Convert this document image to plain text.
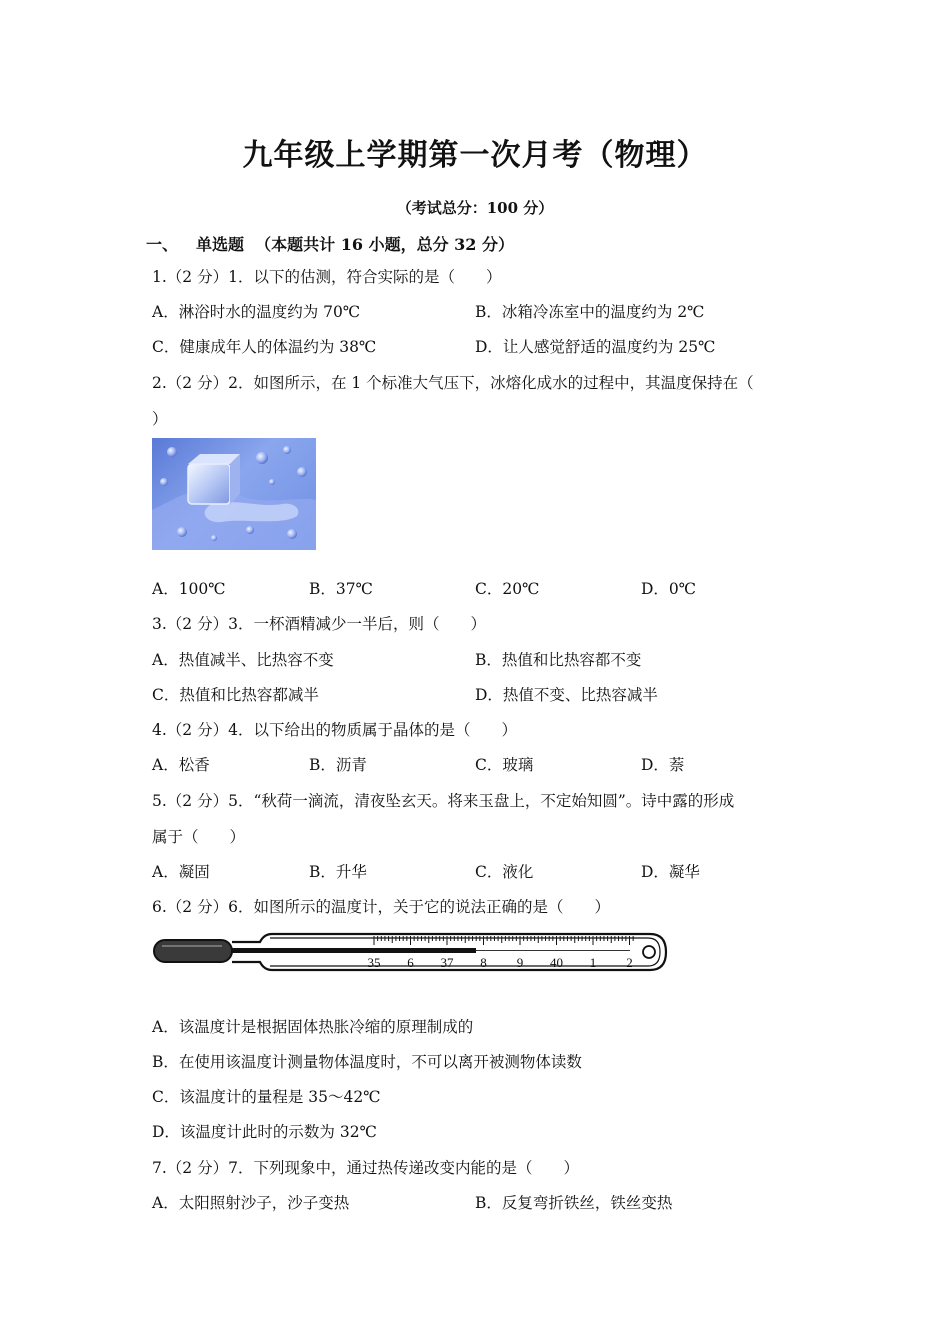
九年级上学期第一次月考（物理）
（考试总分：100 分）
一、 单选题 （本题共计 16 小题，总分 32 分）
1.（2 分）1．以下的估测，符合实际的是（　　）
A．淋浴时水的温度约为 70℃	B．冰箱冷冻室中的温度约为 2℃
C．健康成年人的体温约为 38℃	D．让人感觉舒适的温度约为 25℃
2.（2 分）2．如图所示，在 1 个标准大气压下，冰熔化成水的过程中，其温度保持在（
）
A．100℃	B．37℃	C．20℃	D．0℃
3.（2 分）3．一杯酒精减少一半后，则（　　）
A．热值减半、比热容不变	B．热值和比热容都不变
C．热值和比热容都减半	D．热值不变、比热容减半
4.（2 分）4．以下给出的物质属于晶体的是（　　）
A．松香	B．沥青	C．玻璃	D．萘
5.（2 分）5．“秋荷一滴流，清夜坠玄天。将来玉盘上，不定始知圆”。诗中露的形成
属于（　　）
A．凝固	B．升华	C．液化	D．凝华
6.（2 分）6．如图所示的温度计，关于它的说法正确的是（　　）
35 6 37 8 9 40 1 2
A．该温度计是根据固体热胀冷缩的原理制成的
B．在使用该温度计测量物体温度时，不可以离开被测物体读数
C．该温度计的量程是 35～42℃
D．该温度计此时的示数为 32℃
7.（2 分）7．下列现象中，通过热传递改变内能的是（　　）
A．太阳照射沙子，沙子变热	B．反复弯折铁丝，铁丝变热
